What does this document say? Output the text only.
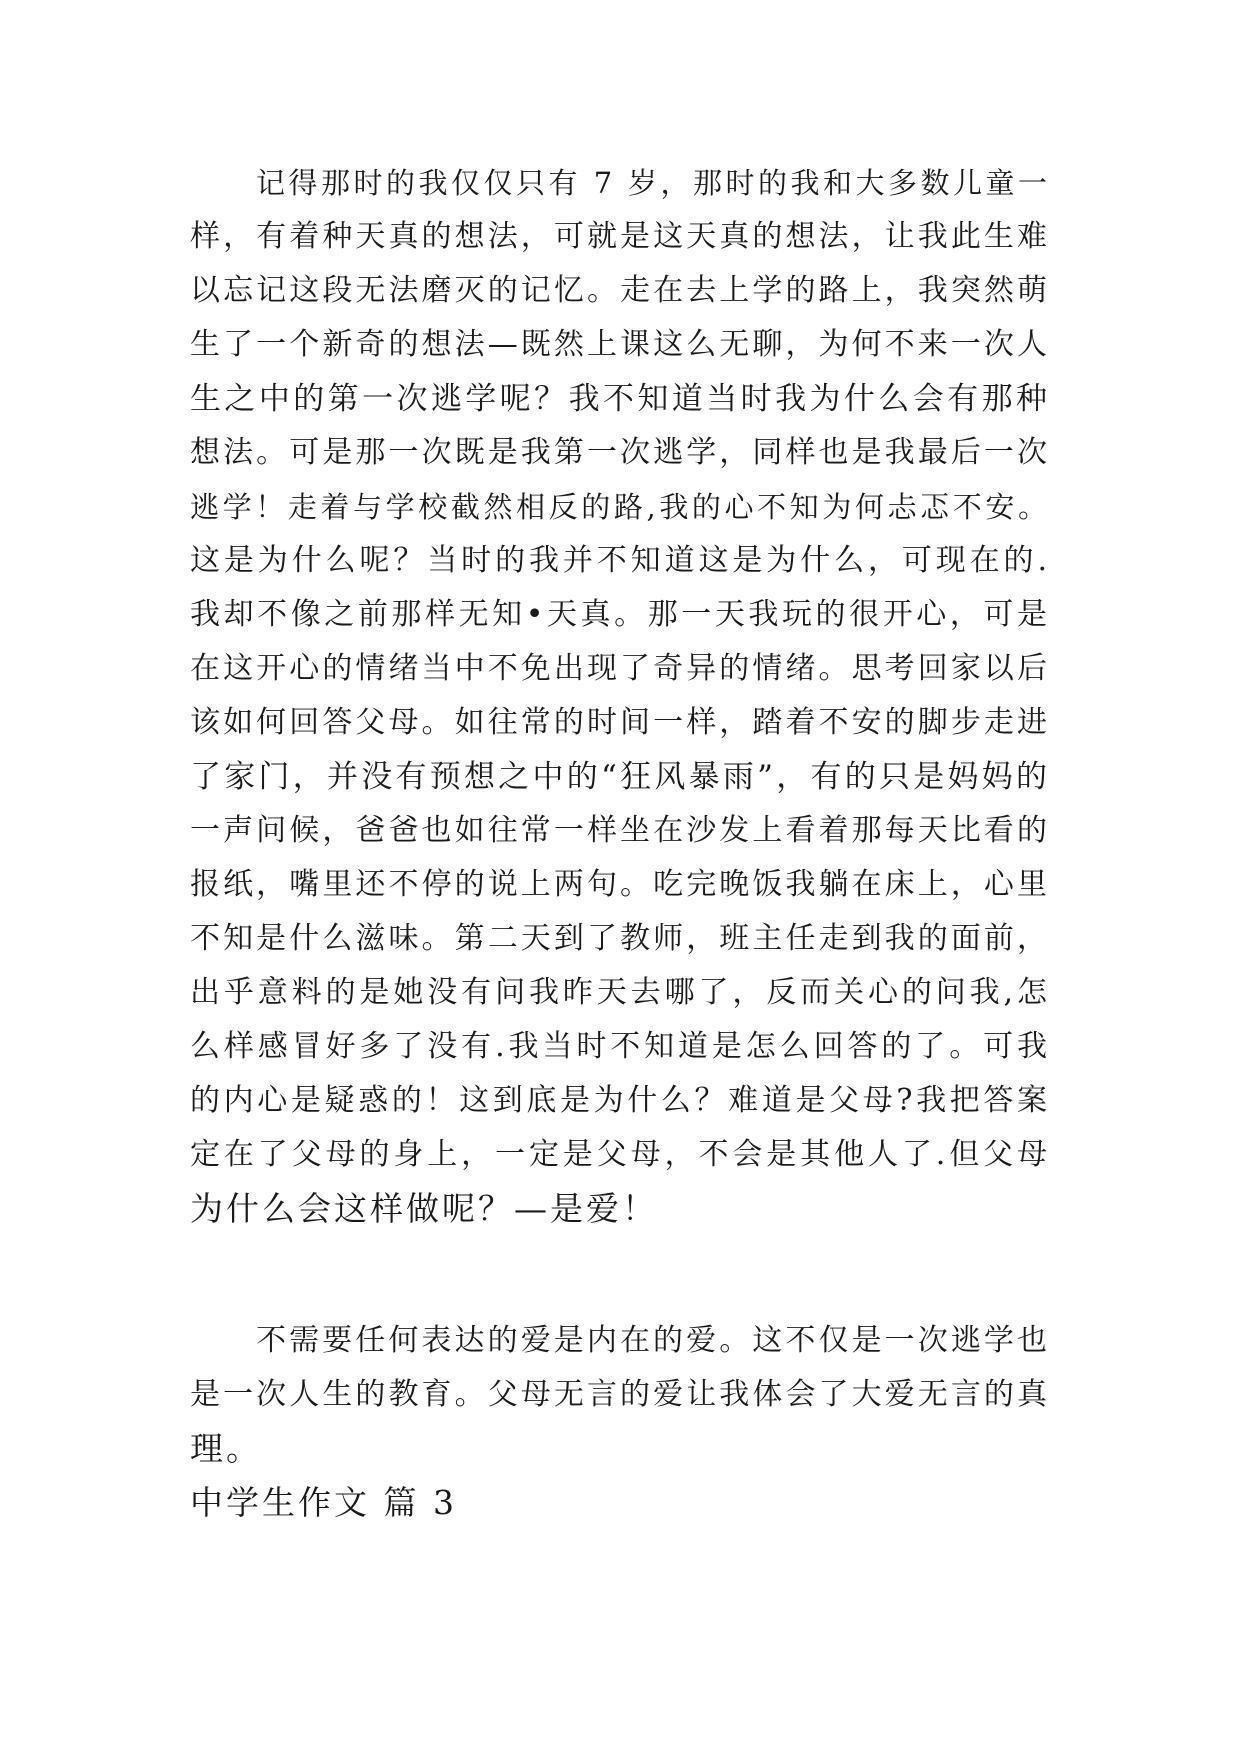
记得那时的我仅仅只有 7 岁，那时的我和大多数儿童一
样，有着种天真的想法，可就是这天真的想法，让我此生难
以忘记这段无法磨灭的记忆。走在去上学的路上，我突然萌
生了一个新奇的想法—既然上课这么无聊，为何不来一次人
生之中的第一次逃学呢？我不知道当时我为什么会有那种
想法。可是那一次既是我第一次逃学，同样也是我最后一次
逃学！走着与学校截然相反的路,我的心不知为何忐忑不安。
这是为什么呢？当时的我并不知道这是为什么，可现在的.
我却不像之前那样无知•天真。那一天我玩的很开心，可是
在这开心的情绪当中不免出现了奇异的情绪。思考回家以后
该如何回答父母。如往常的时间一样，踏着不安的脚步走进
了家门，并没有预想之中的“狂风暴雨”，有的只是妈妈的
一声问候，爸爸也如往常一样坐在沙发上看着那每天比看的
报纸，嘴里还不停的说上两句。吃完晚饭我躺在床上，心里
不知是什么滋味。第二天到了教师，班主任走到我的面前，
出乎意料的是她没有问我昨天去哪了，反而关心的问我,怎
么样感冒好多了没有.我当时不知道是怎么回答的了。可我
的内心是疑惑的！这到底是为什么？难道是父母?我把答案
定在了父母的身上，一定是父母，不会是其他人了.但父母
为什么会这样做呢？—是爱！
不需要任何表达的爱是内在的爱。这不仅是一次逃学也
是一次人生的教育。父母无言的爱让我体会了大爱无言的真
理。
中学生作文 篇 3
